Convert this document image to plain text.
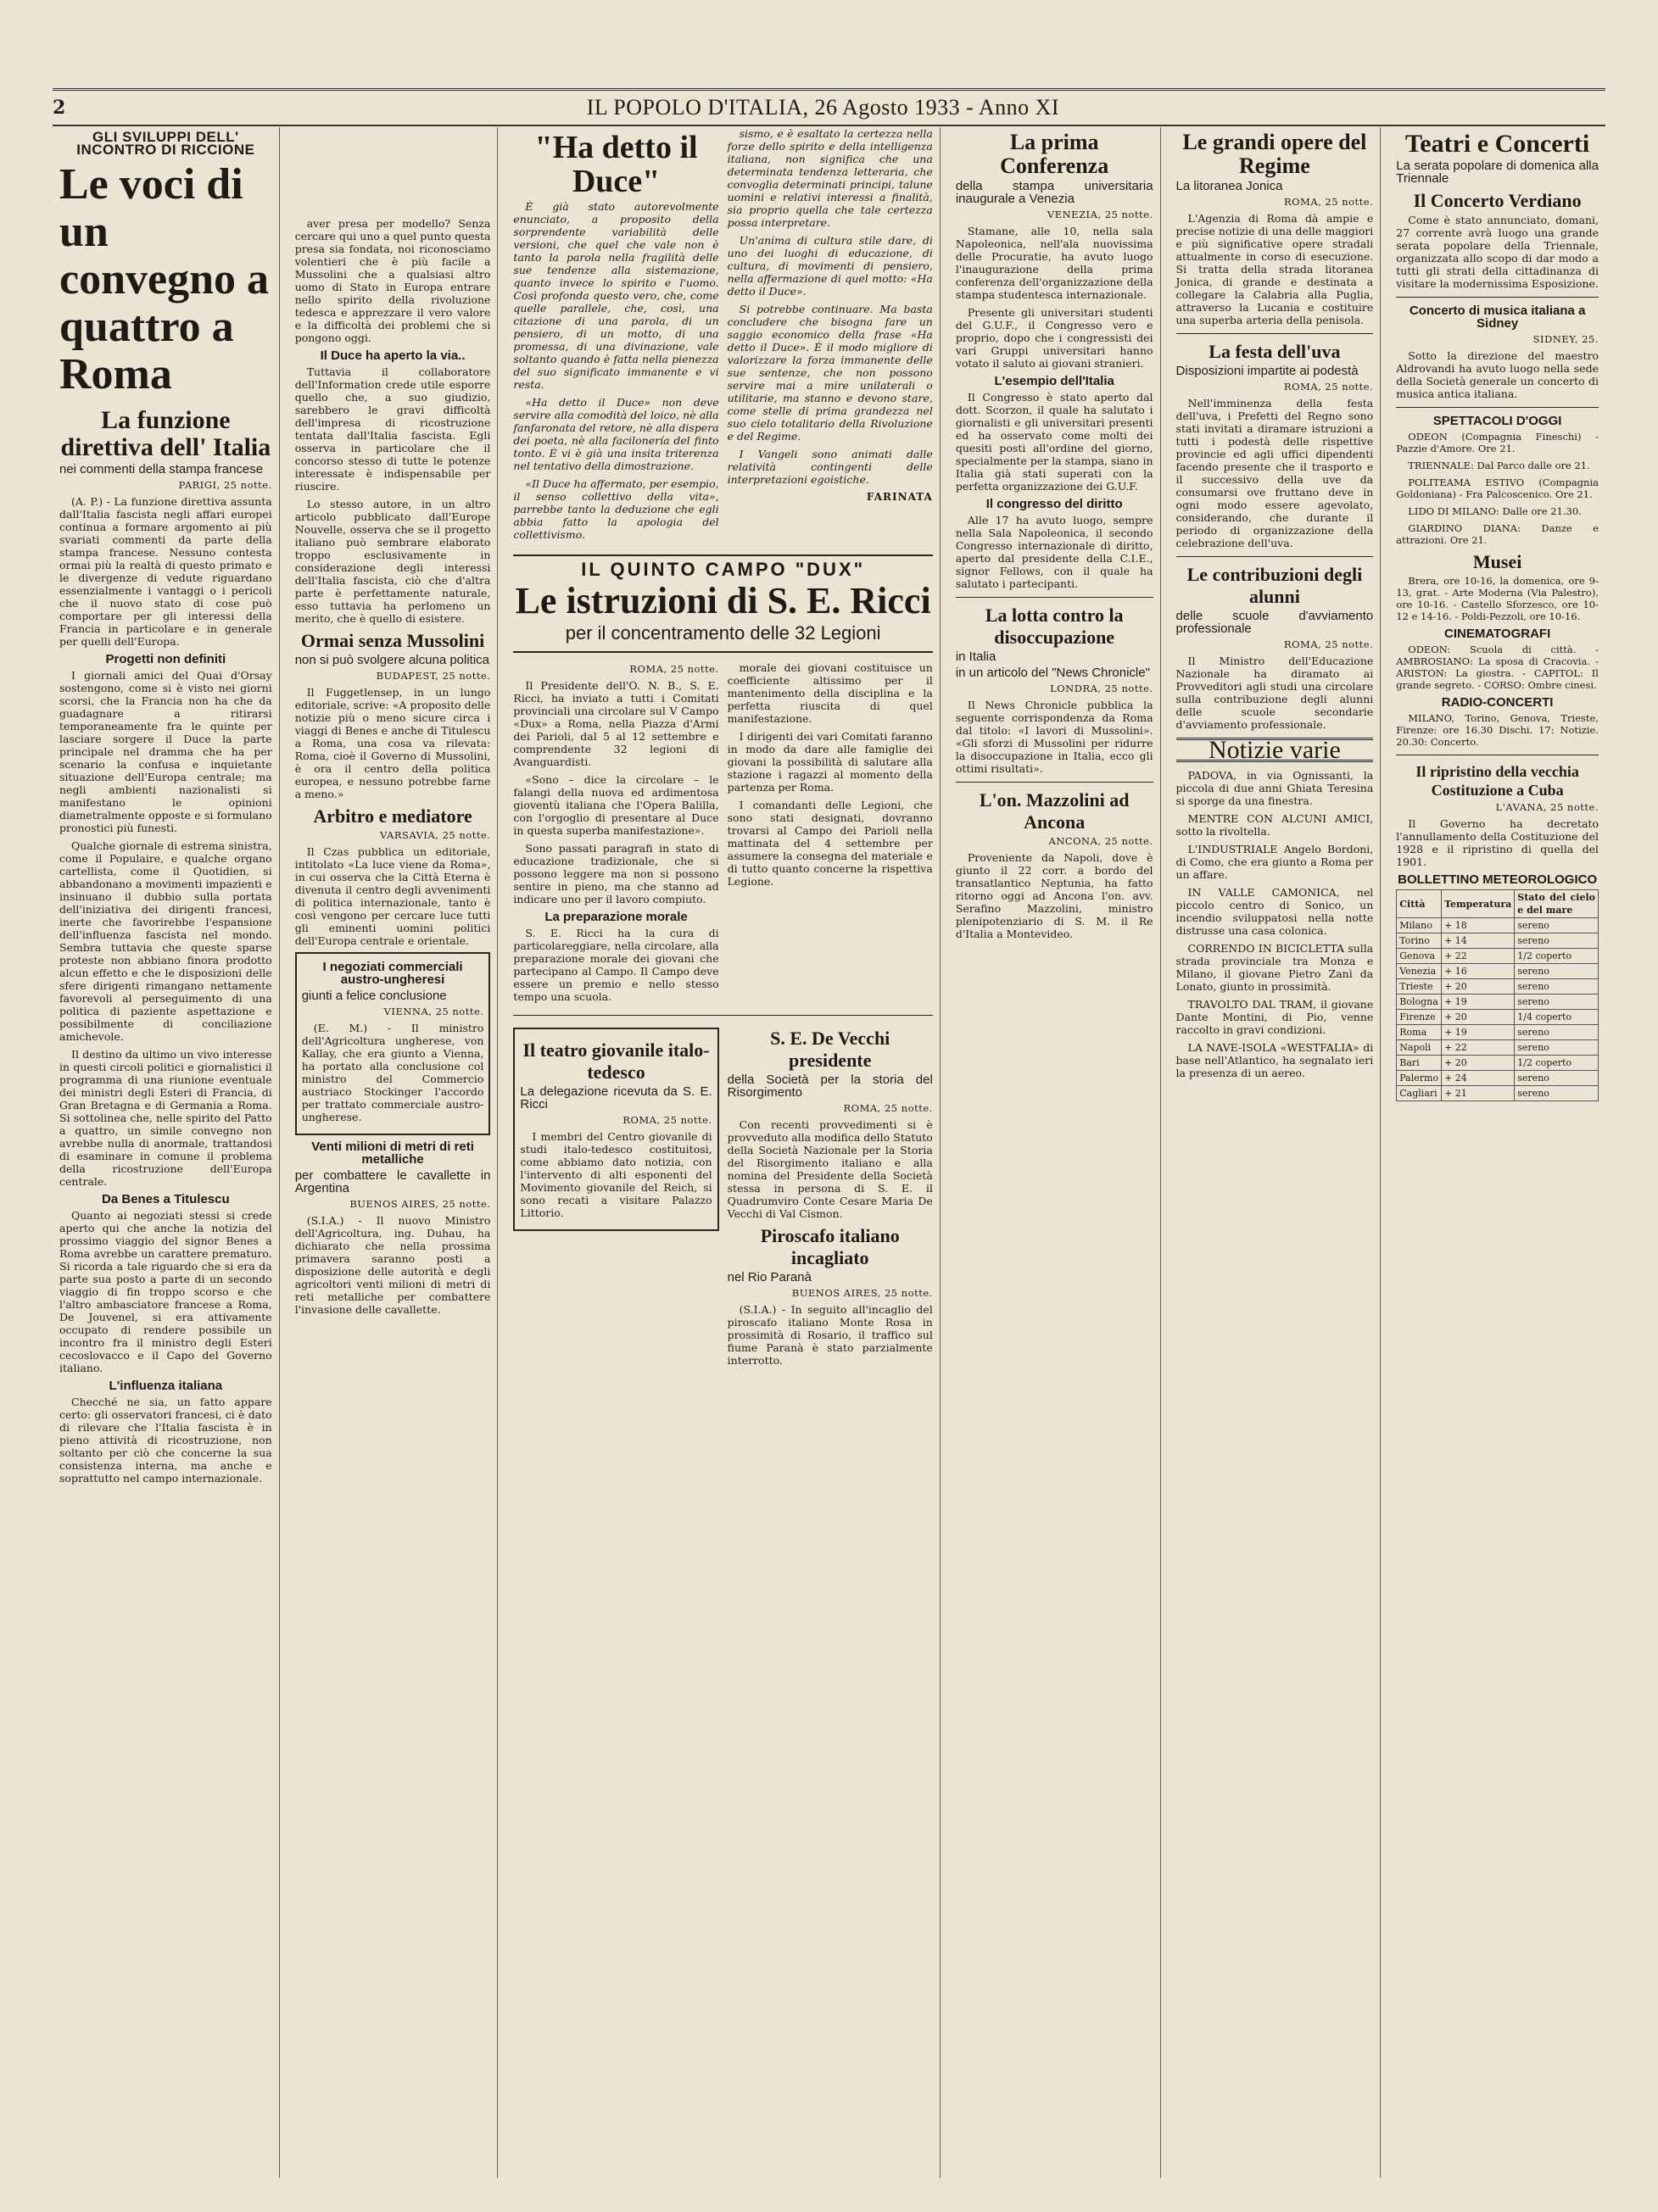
2	IL POPOLO D'ITALIA, 26 Agosto 1933 - Anno XI
GLI SVILUPPI DELL' INCONTRO DI RICCIONE
Le voci di un convegno a quattro a Roma
La funzione direttiva dell' Italia
nei commenti della stampa francese
PARIGI, 25 notte.

(A. P.) - La funzione direttiva assunta dall'Italia fascista negli affari europei continua a formare argomento ai più svariati commenti da parte della stampa francese. Nessuno contesta ormai più la realtà di questo primato e le divergenze di vedute riguardano essenzialmente i vantaggi o i pericoli che il nuovo stato di cose può comportare per gli interessi della Francia in particolare e in generale per quelli dell'Europa.

Progetti non definiti

I giornali amici del Quai d'Orsay sostengono, come si è visto nei giorni scorsi, che la Francia non ha che da guadagnare a ritirarsi temporaneamente fra le quinte per lasciare sorgere il Duce la parte principale nel dramma che ha per scenario la confusa e inquietante situazione dell'Europa centrale; ma negli ambienti nazionalisti si manifestano le opinioni diametralmente opposte e si formulano pronostici più funesti.

Qualche giornale di estrema sinistra, come il Populaire, e qualche organo cartellista, come il Quotidien, si abbandonano a movimenti impazienti e insinuano il dubbio sulla portata dell'iniziativa dei dirigenti francesi, inerte che favorirebbe l'espansione dell'influenza fascista nel mondo. Sembra tuttavia che queste sparse proteste non abbiano finora prodotto alcun effetto e che le disposizioni delle sfere dirigenti rimangano nettamente favorevoli al perseguimento di una politica di paziente aspettazione e possibilmente di conciliazione amichevole.

Il destino da ultimo un vivo interesse in questi circoli politici e giornalistici il programma di una riunione eventuale dei ministri degli Esteri di Francia, di Gran Bretagna e di Germania a Roma. Si sottolinea che, nelle spirito del Patto a quattro, un simile convegno non avrebbe nulla di anormale, trattandosi di esaminare in comune il problema della ricostruzione dell'Europa centrale.

Da Benes a Titulescu

Quanto ai negoziati stessi si crede aperto qui che anche la notizia del prossimo viaggio del signor Benes a Roma avrebbe un carattere prematuro. Si ricorda a tale riguardo che si era da parte sua posto a parte di un secondo viaggio di fin troppo scorso e che l'altro ambasciatore francese a Roma, De Jouvenel, si era attivamente occupato di rendere possibile un incontro fra il ministro degli Esteri cecoslovacco e il Capo del Governo italiano.

L'influenza italiana

Checché ne sia, un fatto appare certo: gli osservatori francesi, ci è dato di rilevare che l'Italia fascista è in pieno attività di ricostruzione, non soltanto per ciò che concerne la sua consistenza interna, ma anche e soprattutto nel campo internazionale.

aver presa per modello? Senza cercare qui uno a quel punto questa presa sia fondata, noi riconosciamo volentieri che è più facile a Mussolini che a qualsiasi altro uomo di Stato in Europa entrare nello spirito della rivoluzione tedesca e apprezzare il vero valore e la difficoltà dei problemi che si pongono oggi.

Il Duce ha aperto la via..

Tuttavia il collaboratore dell'Information crede utile esporre quello che, a suo giudizio, sarebbero le gravi difficoltà dell'impresa di ricostruzione tentata dall'Italia fascista. Egli osserva in particolare che il concorso stesso di tutte le potenze interessate è indispensabile per riuscire.

Lo stesso autore, in un altro articolo pubblicato dall'Europe Nouvelle, osserva che se il progetto italiano può sembrare elaborato troppo esclusivamente in considerazione degli interessi dell'Italia fascista, ciò che d'altra parte è perfettamente naturale, esso tuttavia ha perlomeno un merito, che è quello di esistere.

Ormai senza Mussolini
non si può svolgere alcuna politica
BUDAPEST, 25 notte.

Il Fuggetlensep, in un lungo editoriale, scrive: «A proposito delle notizie più o meno sicure circa i viaggi di Benes e anche di Titulescu a Roma, una cosa va rilevata: Roma, cioè il Governo di Mussolini, è ora il centro della politica europea, e nessuno potrebbe farne a meno.»

Arbitro e mediatore
VARSAVIA, 25 notte.

Il Czas pubblica un editoriale, intitolato «La luce viene da Roma», in cui osserva che la Città Eterna è divenuta il centro degli avvenimenti di politica internazionale, tanto è così vengono per cercare luce tutti gli eminenti uomini politici dell'Europa centrale e orientale.

I negoziati commerciali austro-ungheresi
giunti a felice conclusione
VIENNA, 25 notte.

(E. M.) - Il ministro dell'Agricoltura ungherese, von Kallay, che era giunto a Vienna, ha portato alla conclusione col ministro del Commercio austriaco Stockinger l'accordo per trattato commerciale austro-ungherese.

Venti milioni di metri di reti metalliche
per combattere le cavallette in Argentina
BUENOS AIRES, 25 notte.

(S.I.A.) - Il nuovo Ministro dell'Agricoltura, ing. Duhau, ha dichiarato che nella prossima primavera saranno posti a disposizione delle autorità e degli agricoltori venti milioni di metri di reti metalliche per combattere l'invasione delle cavallette.

"Ha detto il Duce"

È già stato autorevolmente enunciato, a proposito della sorprendente variabilità delle versioni, che quel che vale non è tanto la parola nella fragilità delle sue tendenze alla sistemazione, quanto invece lo spirito e l'uomo. Così profonda questo vero, che, come quelle parallele, che, così, una citazione di una parola, di un pensiero, di un motto, di una promessa, di una divinazione, vale soltanto quando è fatta nella pienezza del suo significato immanente e vi resta.

«Ha detto il Duce» non deve servire alla comodità del loico, nè alla fanfaronata del retore, nè alla dispera dei poeta, nè alla facilonería del finto tonto. È vi è già una insita triterenza nel tentativo della dimostrazione.

«Il Duce ha affermato, per esempio, il senso collettivo della vita», parrebbe tanto la deduzione che egli abbia fatto la apologia del collettivismo.

sismo, e è esaltato la certezza nella forze dello spirito e della intelligenza italiana, non significa che una determinata tendenza letteraria, che convoglia determinati principi, talune uomini e relativi interessi a finalità, sia proprio quella che tale certezza possa interpretare.

Un'anima di cultura stile dare, di uno dei luoghi di educazione, di cultura, di movimenti di pensiero, nella affermazione di quel motto: «Ha detto il Duce».

Si potrebbe continuare. Ma basta concludere che bisogna fare un saggio economico della frase «Ha detto il Duce». È il modo migliore di valorizzare la forza immanente delle sue sentenze, che non possono servire mai a mire unilaterali o utilitarie, ma stanno e devono stare, come stelle di prima grandezza nel suo cielo totalitario della Rivoluzione e del Regime.

I Vangeli sono animati dalle relatività contingenti delle interpretazioni egoistiche.

FARINATA
IL QUINTO CAMPO "DUX"
Le istruzioni di S. E. Ricci
per il concentramento delle 32 Legioni
ROMA, 25 notte.

Il Presidente dell'O. N. B., S. E. Ricci, ha inviato a tutti i Comitati provinciali una circolare sul V Campo «Dux» a Roma, nella Piazza d'Armi dei Parioli, dal 5 al 12 settembre e comprendente 32 legioni di Avanguardisti.

«Sono – dice la circolare – le falangi della nuova ed ardimentosa gioventù italiana che l'Opera Balilla, con l'orgoglio di presentare al Duce in questa superba manifestazione».

Sono passati paragrafi in stato di educazione tradizionale, che si possono leggere ma non si possono sentire in pieno, ma che stanno ad indicare uno per il lavoro compiuto.

La preparazione morale

S. E. Ricci ha la cura di particolareggiare, nella circolare, alla preparazione morale dei giovani che partecipano al Campo. Il Campo deve essere un premio e nello stesso tempo una scuola.

morale dei giovani costituisce un coefficiente altissimo per il mantenimento della disciplina e la perfetta riuscita di quel manifestazione.

I dirigenti dei vari Comitati faranno in modo da dare alle famiglie dei giovani la possibilità di salutare alla stazione i ragazzi al momento della partenza per Roma.

I comandanti delle Legioni, che sono stati designati, dovranno trovarsi al Campo dei Parioli nella mattinata del 4 settembre per assumere la consegna del materiale e di tutto quanto concerne la rispettiva Legione.

Il teatro giovanile italo-tedesco
La delegazione ricevuta da S. E. Ricci
ROMA, 25 notte.

I membri del Centro giovanile di studi italo-tedesco costituitosi, come abbiamo dato notizia, con l'intervento di alti esponenti del Movimento giovanile del Reich, si sono recati a visitare Palazzo Littorio.

S. E. De Vecchi presidente
della Società per la storia del Risorgimento
ROMA, 25 notte.

Con recenti provvedimenti si è provveduto alla modifica dello Statuto della Società Nazionale per la Storia del Risorgimento italiano e alla nomina del Presidente della Società stessa in persona di S. E. il Quadrumviro Conte Cesare Maria De Vecchi di Val Cismon.

Piroscafo italiano incagliato
nel Rio Paranà
BUENOS AIRES, 25 notte.

(S.I.A.) - In seguito all'incaglio del piroscafo italiano Monte Rosa in prossimità di Rosario, il traffico sul fiume Paranà è stato parzialmente interrotto.

La prima Conferenza
della stampa universitaria inaugurale a Venezia
VENEZIA, 25 notte.

Stamane, alle 10, nella sala Napoleonica, nell'ala nuovissima delle Procuratie, ha avuto luogo l'inaugurazione della prima conferenza dell'organizzazione della stampa studentesca internazionale.

Presente gli universitari studenti del G.U.F., il Congresso vero e proprio, dopo che i congressisti dei vari Gruppi universitari hanno votato il saluto ai giovani stranieri.

L'esempio dell'Italia

Il Congresso è stato aperto dal dott. Scorzon, il quale ha salutato i giornalisti e gli universitari presenti ed ha osservato come molti dei quesiti posti all'ordine del giorno, specialmente per la stampa, siano in Italia già stati superati con la perfetta organizzazione dei G.U.F.

Il congresso del diritto

Alle 17 ha avuto luogo, sempre nella Sala Napoleonica, il secondo Congresso internazionale di diritto, aperto dal presidente della C.I.E., signor Fellows, con il quale ha salutato i partecipanti.

La lotta contro la disoccupazione
in Italia
in un articolo del "News Chronicle"
LONDRA, 25 notte.

Il News Chronicle pubblica la seguente corrispondenza da Roma dal titolo: «I lavori di Mussolini». «Gli sforzi di Mussolini per ridurre la disoccupazione in Italia, ecco gli ottimi risultati».

L'on. Mazzolini ad Ancona
ANCONA, 25 notte.

Proveniente da Napoli, dove è giunto il 22 corr. a bordo del transatlantico Neptunia, ha fatto ritorno oggi ad Ancona l'on. avv. Serafino Mazzolini, ministro plenipotenziario di S. M. il Re d'Italia a Montevideo.

Le grandi opere del Regime
La litoranea Jonica
ROMA, 25 notte.

L'Agenzia di Roma dà ampie e precise notizie di una delle maggiori e più significative opere stradali attualmente in corso di esecuzione. Si tratta della strada litoranea Jonica, di grande e destinata a collegare la Calabria alla Puglia, attraverso la Lucania e costituire una superba arteria della penisola.

La festa dell'uva
Disposizioni impartite ai podestà
ROMA, 25 notte.

Nell'imminenza della festa dell'uva, i Prefetti del Regno sono stati invitati a diramare istruzioni a tutti i podestà delle rispettive provincie ed agli uffici dipendenti facendo presente che il trasporto e il successivo della uve da consumarsi ove fruttano deve in ogni modo essere agevolato, considerando, che durante il periodo di organizzazione della celebrazione dell'uva.

Le contribuzioni degli alunni
delle scuole d'avviamento professionale
ROMA, 25 notte.

Il Ministro dell'Educazione Nazionale ha diramato ai Provveditori agli studi una circolare sulla contribuzione degli alunni delle scuole secondarie d'avviamento professionale.

Notizie varie

PADOVA, in via Ognissanti, la piccola di due anni Ghiata Teresina si sporge da una finestra.

MENTRE CON ALCUNI AMICI, sotto la rivoltella.

L'INDUSTRIALE Angelo Bordoni, di Como, che era giunto a Roma per un affare.

IN VALLE CAMONICA, nel piccolo centro di Sonico, un incendio sviluppatosi nella notte distrusse una casa colonica.

CORRENDO IN BICICLETTA sulla strada provinciale tra Monza e Milano, il giovane Pietro Zanì da Lonato, giunto in prossimità.

TRAVOLTO DAL TRAM, il giovane Dante Montini, di Pio, venne raccolto in gravi condizioni.

LA NAVE-ISOLA «WESTFALIA» di base nell'Atlantico, ha segnalato ieri la presenza di un aereo.

Teatri e Concerti
La serata popolare di domenica alla Triennale
Il Concerto Verdiano

Come è stato annunciato, domani, 27 corrente avrà luogo una grande serata popolare della Triennale, organizzata allo scopo di dar modo a tutti gli strati della cittadinanza di visitare la modernissima Esposizione.

Concerto di musica italiana a Sidney
SIDNEY, 25.

Sotto la direzione del maestro Aldrovandi ha avuto luogo nella sede della Società generale un concerto di musica antica italiana.

SPETTACOLI D'OGGI

ODEON (Compagnia Fineschi) - Pazzie d'Amore. Ore 21.

TRIENNALE: Dal Parco dalle ore 21.

POLITEAMA ESTIVO (Compagnia Goldoniana) - Fra Palcoscenico. Ore 21.

LIDO DI MILANO: Dalle ore 21.30.

GIARDINO DIANA: Danze e attrazioni. Ore 21.

Musei

Brera, ore 10-16, la domenica, ore 9-13, grat. - Arte Moderna (Via Palestro), ore 10-16. - Castello Sforzesco, ore 10-12 e 14-16. - Poldi-Pezzoli, ore 10-16.

CINEMATOGRAFI

ODEON: Scuola di città. - AMBROSIANO: La sposa di Cracovia. - ARISTON: La giostra. - CAPITOL: Il grande segreto. - CORSO: Ombre cinesi.

RADIO-CONCERTI

MILANO, Torino, Genova, Trieste, Firenze: ore 16.30 Dischi. 17: Notizie. 20.30: Concerto.

Il ripristino della vecchia Costituzione a Cuba
L'AVANA, 25 notte.

Il Governo ha decretato l'annullamento della Costituzione del 1928 e il ripristino di quella del 1901.

BOLLETTINO METEOROLOGICO
Città	Temperatura	Stato del cielo e del mare
Milano	+ 18	sereno
Torino	+ 14	sereno
Genova	+ 22	1/2 coperto
Venezia	+ 16	sereno
Trieste	+ 20	sereno
Bologna	+ 19	sereno
Firenze	+ 20	1/4 coperto
Roma	+ 19	sereno
Napoli	+ 22	sereno
Bari	+ 20	1/2 coperto
Palermo	+ 24	sereno
Cagliari	+ 21	sereno
